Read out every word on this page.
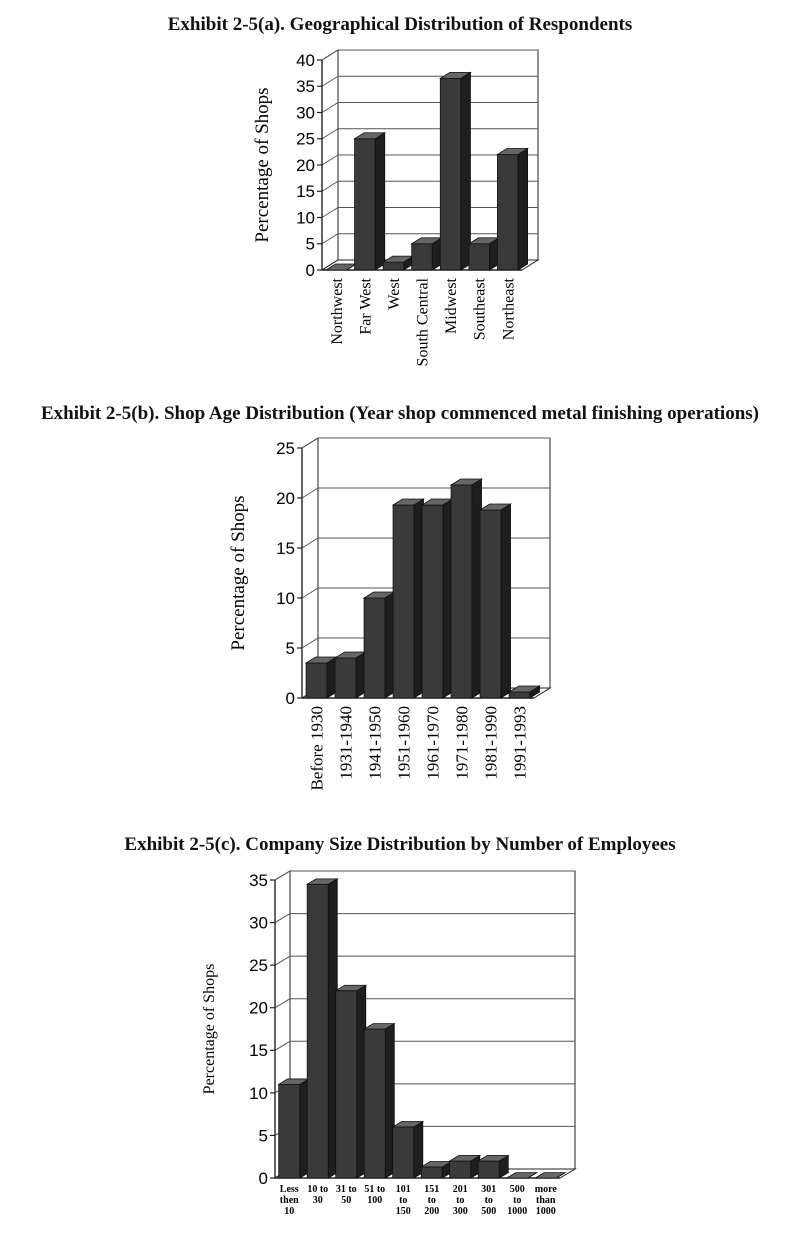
Exhibit 2-5(a). Geographical Distribution of Respondents
0
5
10
15
20
25
30
35
40
Percentage of Shops
Northwest Far West West South Central Midwest Southeast Northeast
Exhibit 2-5(b). Shop Age Distribution (Year shop commenced metal finishing operations)
0
5
10
15
20
25
Percentage of Shops
Before 1930 1931-1940 1941-1950 1951-1960 1961-1970 1971-1980 1981-1990 1991-1993
Exhibit 2-5(c). Company Size Distribution by Number of Employees
0
5
10
15
20
25
30
35
Percentage of Shops
Less then 10
10 to 30
31 to 50
51 to 100
101 to 150
151 to 200
201 to 300
301 to 500
500 to 1000
more than 1000
